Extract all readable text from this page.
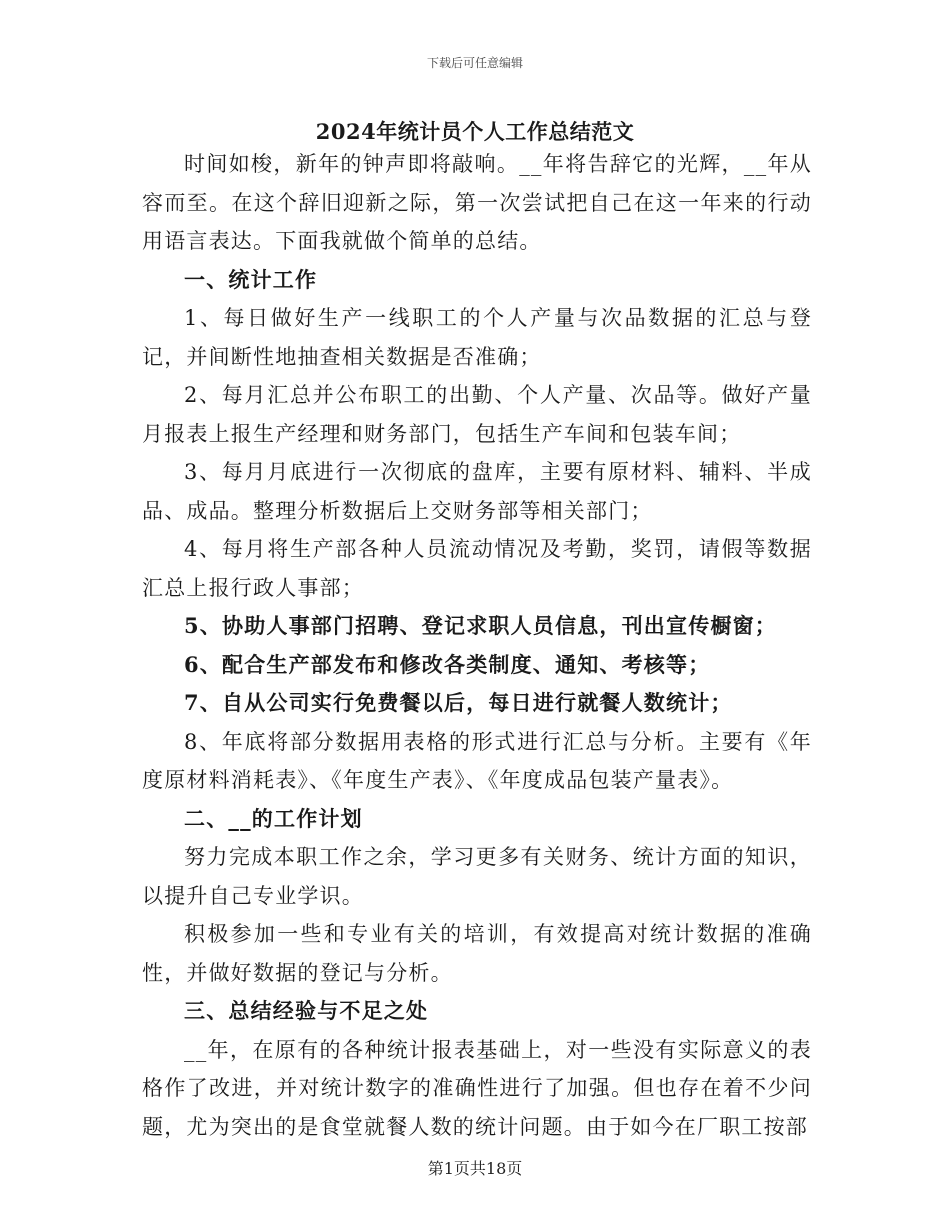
下载后可任意编辑
2024年统计员个人工作总结范文

时间如梭，新年的钟声即将敲响。__年将告辞它的光辉，__年从容而至。在这个辞旧迎新之际，第一次尝试把自己在这一年来的行动用语言表达。下面我就做个简单的总结。

一、统计工作

1、每日做好生产一线职工的个人产量与次品数据的汇总与登记，并间断性地抽查相关数据是否准确；

2、每月汇总并公布职工的出勤、个人产量、次品等。做好产量月报表上报生产经理和财务部门，包括生产车间和包装车间；

3、每月月底进行一次彻底的盘库，主要有原材料、辅料、半成品、成品。整理分析数据后上交财务部等相关部门；

4、每月将生产部各种人员流动情况及考勤，奖罚，请假等数据汇总上报行政人事部；

5、协助人事部门招聘、登记求职人员信息，刊出宣传橱窗；

6、配合生产部发布和修改各类制度、通知、考核等；

7、自从公司实行免费餐以后，每日进行就餐人数统计；

8、年底将部分数据用表格的形式进行汇总与分析。主要有《年度原材料消耗表》、《年度生产表》、《年度成品包装产量表》。

二、__的工作计划

努力完成本职工作之余，学习更多有关财务、统计方面的知识，以提升自己专业学识。

积极参加一些和专业有关的培训，有效提高对统计数据的准确性，并做好数据的登记与分析。

三、总结经验与不足之处

__年，在原有的各种统计报表基础上，对一些没有实际意义的表格作了改进，并对统计数字的准确性进行了加强。但也存在着不少问题，尤为突出的是食堂就餐人数的统计问题。由于如今在厂职工按部

第1页共18页
